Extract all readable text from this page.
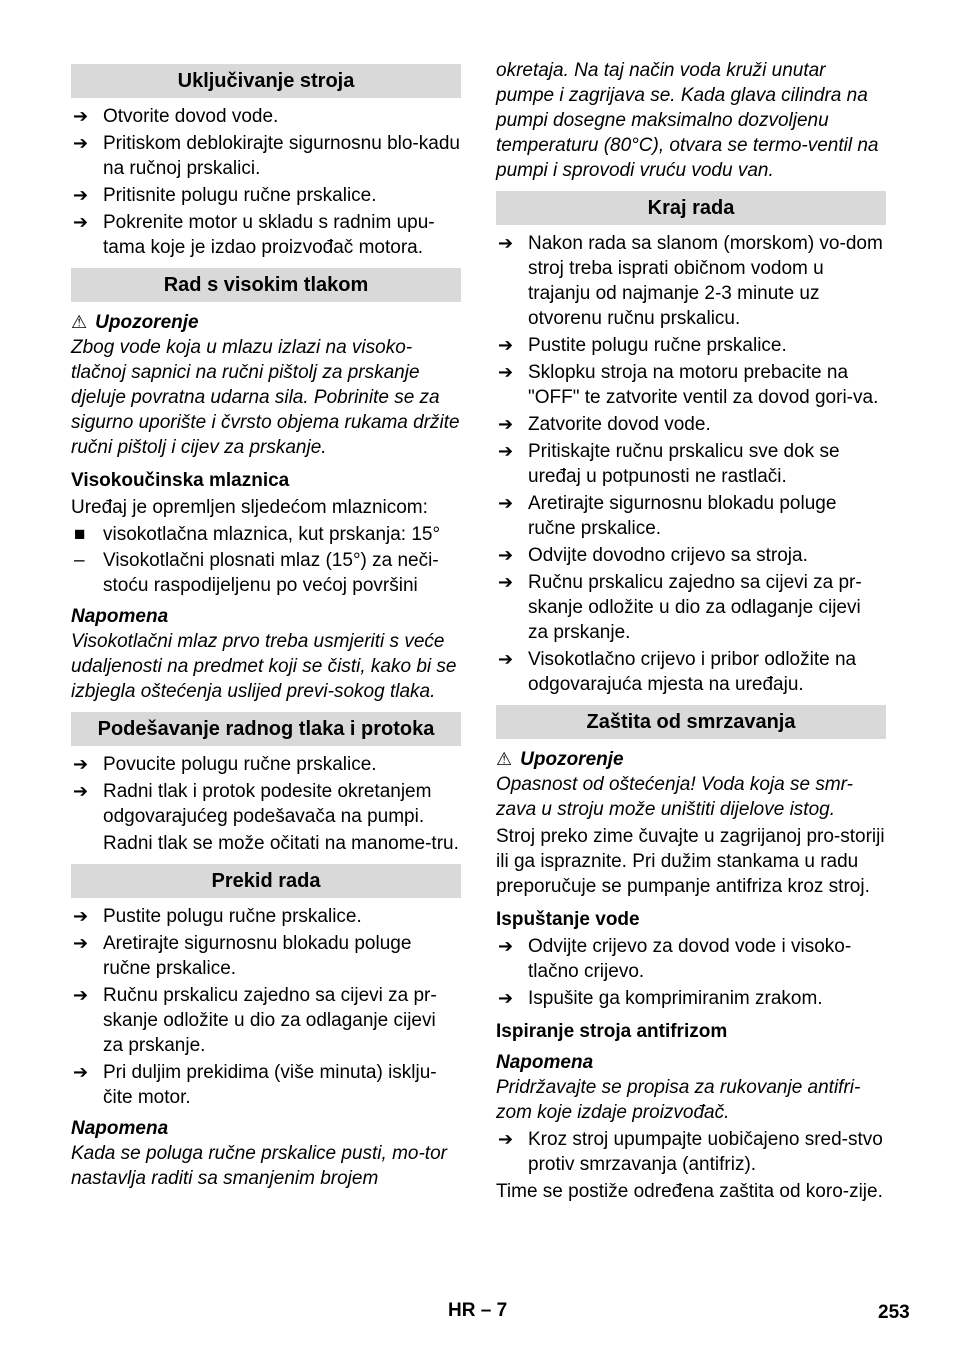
Uključivanje stroja
➔ Otvorite dovod vode.
➔ Pritiskom deblokirajte sigurnosnu blo-kadu na ručnoj prskalici.
➔ Pritisnite polugu ručne prskalice.
➔ Pokrenite motor u skladu s radnim upu-tama koje je izdao proizvođač motora.
Rad s visokim tlakom
⚠ Upozorenje
Zbog vode koja u mlazu izlazi na visoko-tlačnoj sapnici na ručni pištolj za prskanje djeluje povratna udarna sila. Pobrinite se za sigurno uporište i čvrsto objema rukama držite ručni pištolj i cijev za prskanje.
Visokoučinska mlaznica
Uređaj je opremljen sljedećom mlaznicom:
■ visokotlačna mlaznica, kut prskanja: 15°
– Visokotlačni plosnati mlaz (15°) za neči-stoću raspodijeljenu po većoj površini
Napomena
Visokotlačni mlaz prvo treba usmjeriti s veće udaljenosti na predmet koji se čisti, kako bi se izbjegla oštećenja uslijed previ-sokog tlaka.
Podešavanje radnog tlaka i protoka
➔ Povucite polugu ručne prskalice.
➔ Radni tlak i protok podesite okretanjem odgovarajućeg podešavača na pumpi.
Radni tlak se može očitati na manome-tru.
Prekid rada
➔ Pustite polugu ručne prskalice.
➔ Aretirajte sigurnosnu blokadu poluge ručne prskalice.
➔ Ručnu prskalicu zajedno sa cijevi za pr-skanje odložite u dio za odlaganje cijevi za prskanje.
➔ Pri duljim prekidima (više minuta) isklju-čite motor.
Napomena
Kada se poluga ručne prskalice pusti, mo-tor nastavlja raditi sa smanjenim brojem
okretaja. Na taj način voda kruži unutar pumpe i zagrijava se. Kada glava cilindra na pumpi dosegne maksimalno dozvoljenu temperaturu (80°C), otvara se termo-ventil na pumpi i sprovodi vruću vodu van.
Kraj rada
➔ Nakon rada sa slanom (morskom) vo-dom stroj treba isprati običnom vodom u trajanju od najmanje 2-3 minute uz otvorenu ručnu prskalicu.
➔ Pustite polugu ručne prskalice.
➔ Sklopku stroja na motoru prebacite na "OFF" te zatvorite ventil za dovod gori-va.
➔ Zatvorite dovod vode.
➔ Pritiskajte ručnu prskalicu sve dok se uređaj u potpunosti ne rastlači.
➔ Aretirajte sigurnosnu blokadu poluge ručne prskalice.
➔ Odvijte dovodno crijevo sa stroja.
➔ Ručnu prskalicu zajedno sa cijevi za pr-skanje odložite u dio za odlaganje cijevi za prskanje.
➔ Visokotlačno crijevo i pribor odložite na odgovarajuća mjesta na uređaju.
Zaštita od smrzavanja
⚠ Upozorenje
Opasnost od oštećenja! Voda koja se smr-zava u stroju može uništiti dijelove istog.
Stroj preko zime čuvajte u zagrijanoj pro-storiji ili ga ispraznite. Pri dužim stankama u radu preporučuje se pumpanje antifriza kroz stroj.
Ispuštanje vode
➔ Odvijte crijevo za dovod vode i visoko-tlačno crijevo.
➔ Ispušite ga komprimiranim zrakom.
Ispiranje stroja antifrizom
Napomena
Pridržavajte se propisa za rukovanje antifri-zom koje izdaje proizvođač.
➔ Kroz stroj upumpajte uobičajeno sred-stvo protiv smrzavanja (antifriz).
Time se postiže određena zaštita od koro-zije.
HR – 7	253
